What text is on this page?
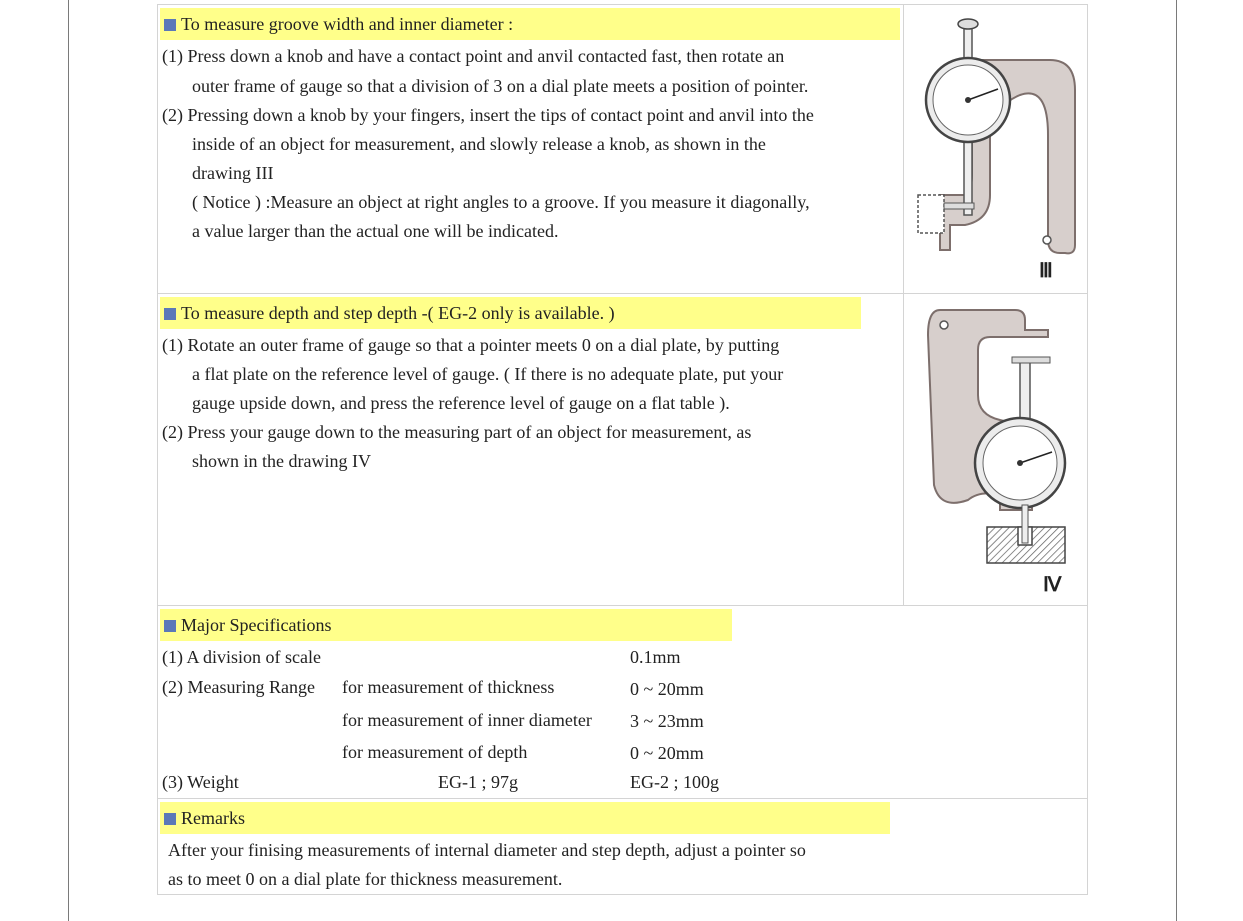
To measure groove width and inner diameter :
(1) Press down a knob and have a contact point and anvil contacted fast, then rotate an
outer frame of gauge so that a division of 3 on a dial plate meets a position of pointer.
(2) Pressing down a knob by your fingers, insert the tips of contact point and anvil into the
inside of an object for measurement, and slowly release a knob, as shown in the
drawing III
( Notice ) :Measure an object at right angles to a groove. If you measure it diagonally,
a value larger than the actual one will be indicated.
Ⅲ
To measure depth and step depth -( EG-2 only is available. )
(1) Rotate an outer frame of gauge so that a pointer meets 0 on a dial plate, by putting
a flat plate on the reference level of gauge. ( If there is no adequate plate, put your
gauge upside down, and press the reference level of gauge on a flat table ).
(2) Press your gauge down to the measuring part of an object for measurement, as
shown in the drawing IV
Ⅳ
Major Specifications
(1) A division of scale	0.1mm
(2) Measuring Range for measurement of thickness	0 ~ 20mm
for measurement of inner diameter 3 ~ 23mm
for measurement of depth	0 ~ 20mm
(3) Weight	EG-1 ; 97g	EG-2 ; 100g
Remarks
After your finising measurements of internal diameter and step depth, adjust a pointer so
as to meet 0 on a dial plate for thickness measurement.
